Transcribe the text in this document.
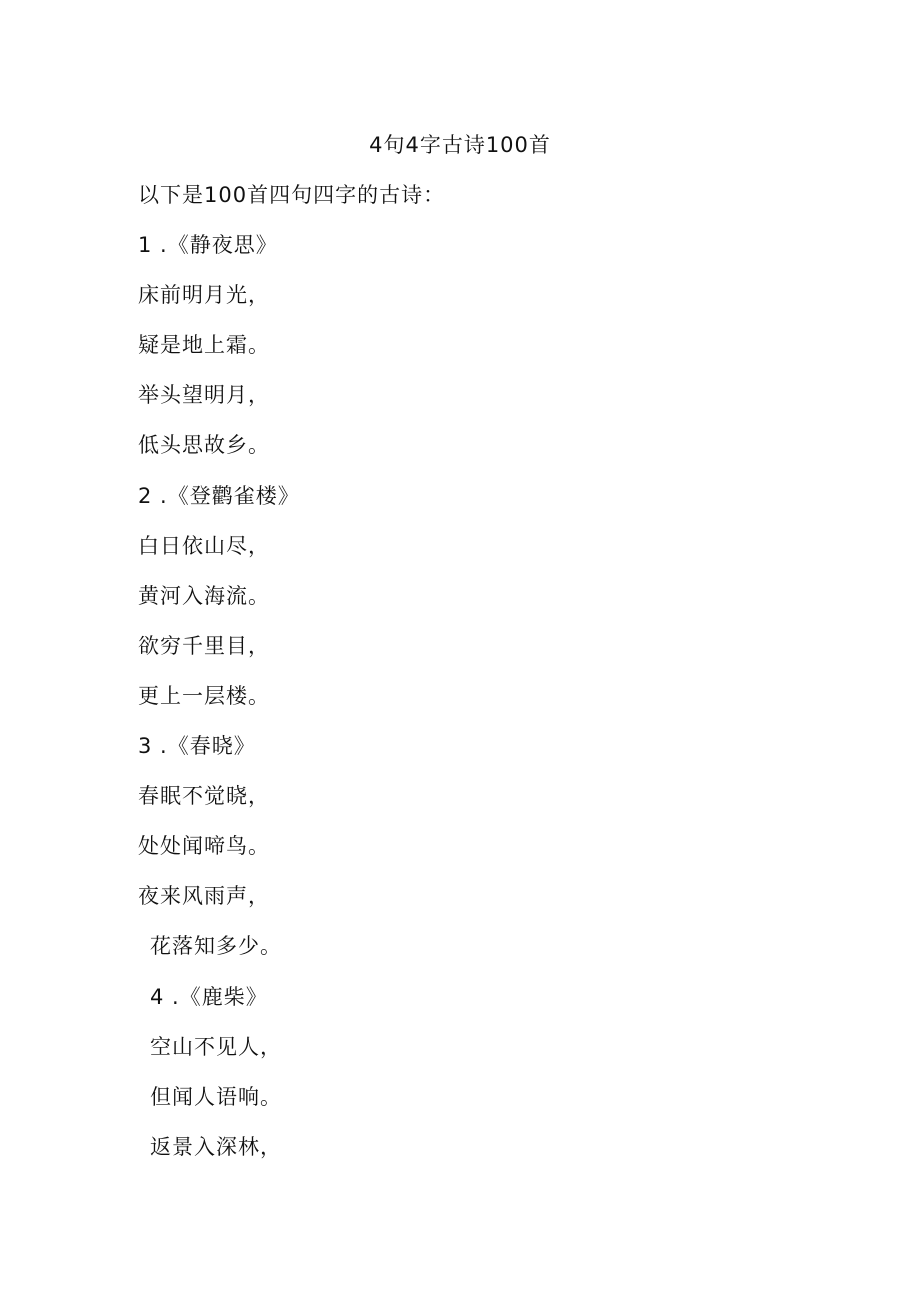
4句4字古诗100首
以下是100首四句四字的古诗：
1 .《静夜思》
床前明月光，
疑是地上霜。
举头望明月，
低头思故乡。
2 .《登鹳雀楼》
白日依山尽，
黄河入海流。
欲穷千里目，
更上一层楼。
3 .《春晓》
春眠不觉晓，
处处闻啼鸟。
夜来风雨声，
花落知多少。
4 .《鹿柴》
空山不见人，
但闻人语响。
返景入深林，
